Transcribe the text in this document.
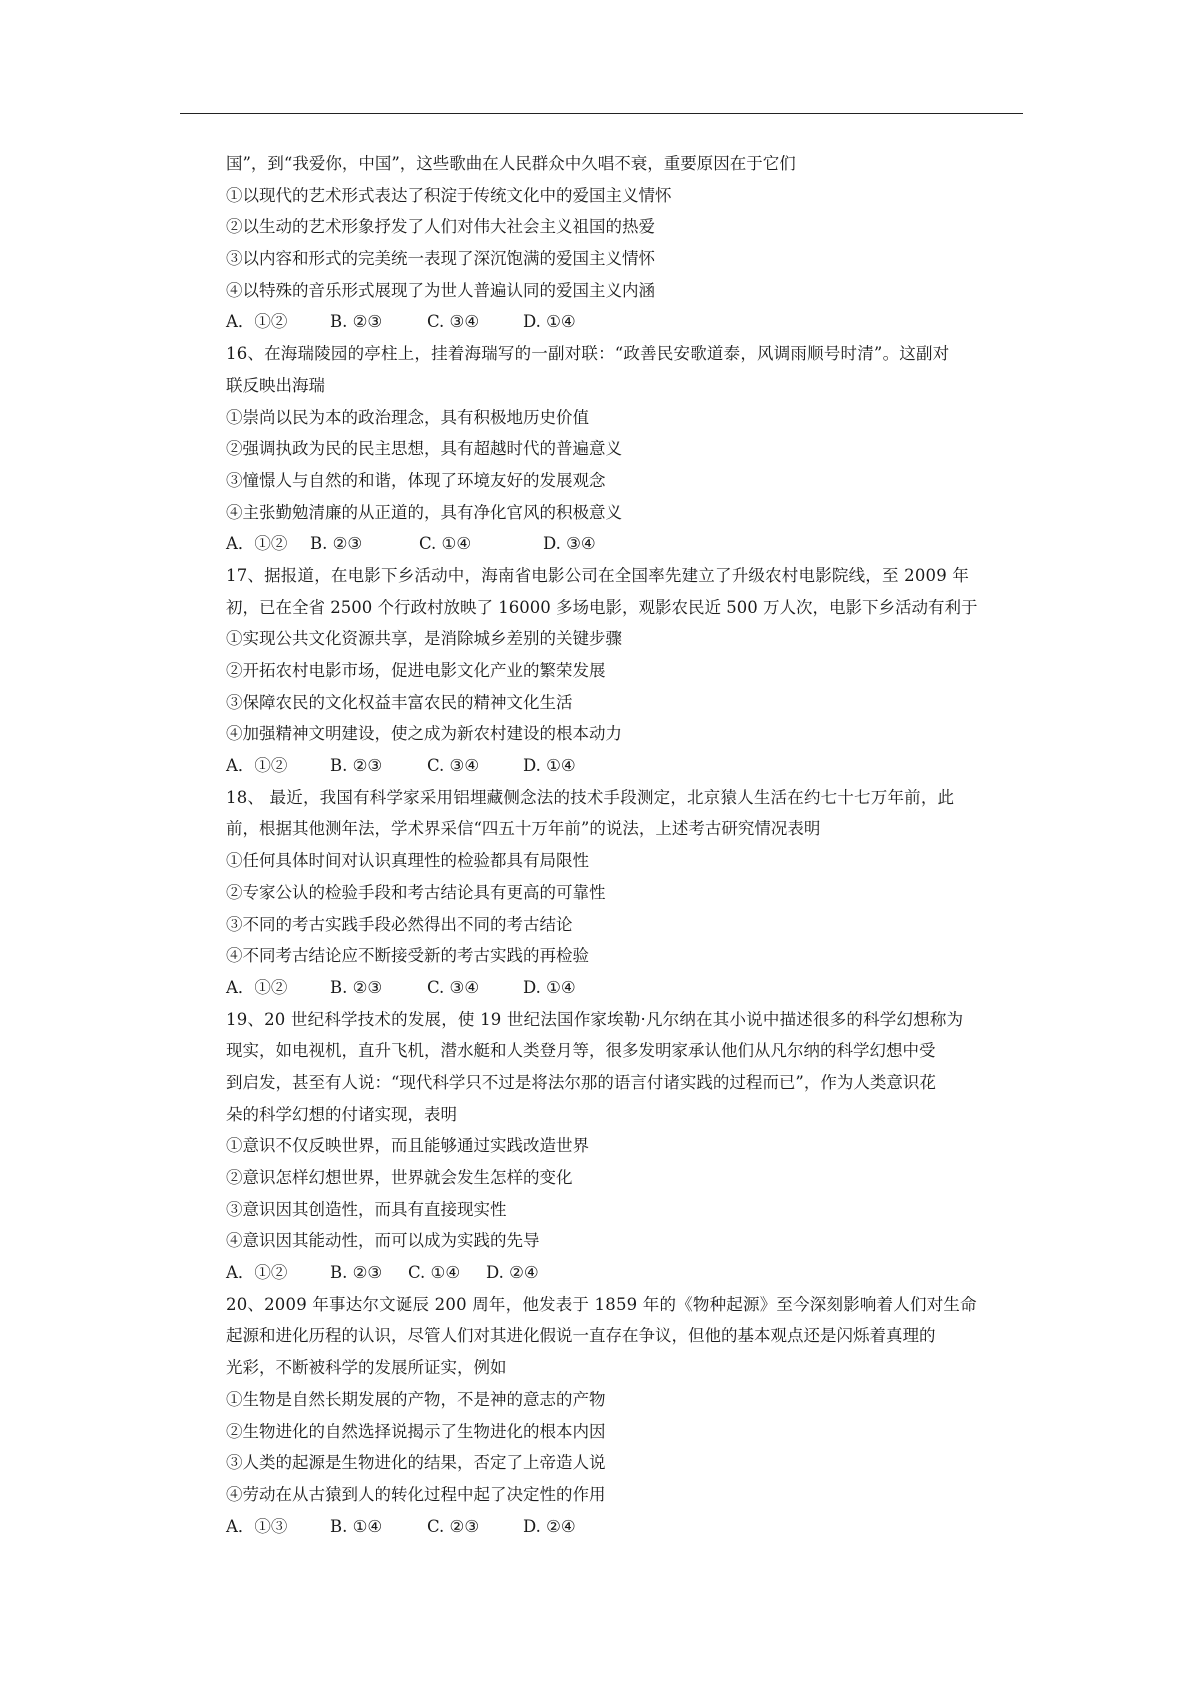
国”，到“我爱你，中国”，这些歌曲在人民群众中久唱不衰，重要原因在于它们
①以现代的艺术形式表达了积淀于传统文化中的爱国主义情怀
②以生动的艺术形象抒发了人们对伟大社会主义祖国的热爱
③以内容和形式的完美统一表现了深沉饱满的爱国主义情怀
④以特殊的音乐形式展现了为世人普遍认同的爱国主义内涵
A．①②	B. ②③	C. ③④	D. ①④
16、在海瑞陵园的亭柱上，挂着海瑞写的一副对联：“政善民安歌道泰，风调雨顺号时清”。这副对
联反映出海瑞
①崇尚以民为本的政治理念，具有积极地历史价值
②强调执政为民的民主思想，具有超越时代的普遍意义
③憧憬人与自然的和谐，体现了环境友好的发展观念
④主张勤勉清廉的从正道的，具有净化官风的积极意义
A．①②	B. ②③	C. ①④	D. ③④
17、据报道，在电影下乡活动中，海南省电影公司在全国率先建立了升级农村电影院线，至 2009 年
初，已在全省 2500 个行政村放映了 16000 多场电影，观影农民近 500 万人次，电影下乡活动有利于
①实现公共文化资源共享，是消除城乡差别的关键步骤
②开拓农村电影市场，促进电影文化产业的繁荣发展
③保障农民的文化权益丰富农民的精神文化生活
④加强精神文明建设，使之成为新农村建设的根本动力
A．①②	B. ②③	C. ③④	D. ①④
18、 最近，我国有科学家采用铝埋藏侧念法的技术手段测定，北京猿人生活在约七十七万年前，此
前，根据其他测年法，学术界采信“四五十万年前”的说法，上述考古研究情况表明
①任何具体时间对认识真理性的检验都具有局限性
②专家公认的检验手段和考古结论具有更高的可靠性
③不同的考古实践手段必然得出不同的考古结论
④不同考古结论应不断接受新的考古实践的再检验
A．①②	B. ②③	C. ③④	D. ①④
19、20 世纪科学技术的发展，使 19 世纪法国作家埃勒·凡尔纳在其小说中描述很多的科学幻想称为
现实，如电视机，直升飞机，潜水艇和人类登月等，很多发明家承认他们从凡尔纳的科学幻想中受
到启发，甚至有人说：“现代科学只不过是将法尔那的语言付诸实践的过程而已”，作为人类意识花
朵的科学幻想的付诸实现，表明
①意识不仅反映世界，而且能够通过实践改造世界
②意识怎样幻想世界，世界就会发生怎样的变化
③意识因其创造性，而具有直接现实性
④意识因其能动性，而可以成为实践的先导
A．①②	B. ②③	C. ①④	D. ②④
20、2009 年事达尔文诞辰 200 周年，他发表于 1859 年的《物种起源》至今深刻影响着人们对生命
起源和进化历程的认识，尽管人们对其进化假说一直存在争议，但他的基本观点还是闪烁着真理的
光彩，不断被科学的发展所证实，例如
①生物是自然长期发展的产物，不是神的意志的产物
②生物进化的自然选择说揭示了生物进化的根本内因
③人类的起源是生物进化的结果，否定了上帝造人说
④劳动在从古猿到人的转化过程中起了决定性的作用
A．①③	B. ①④	C. ②③	D. ②④
